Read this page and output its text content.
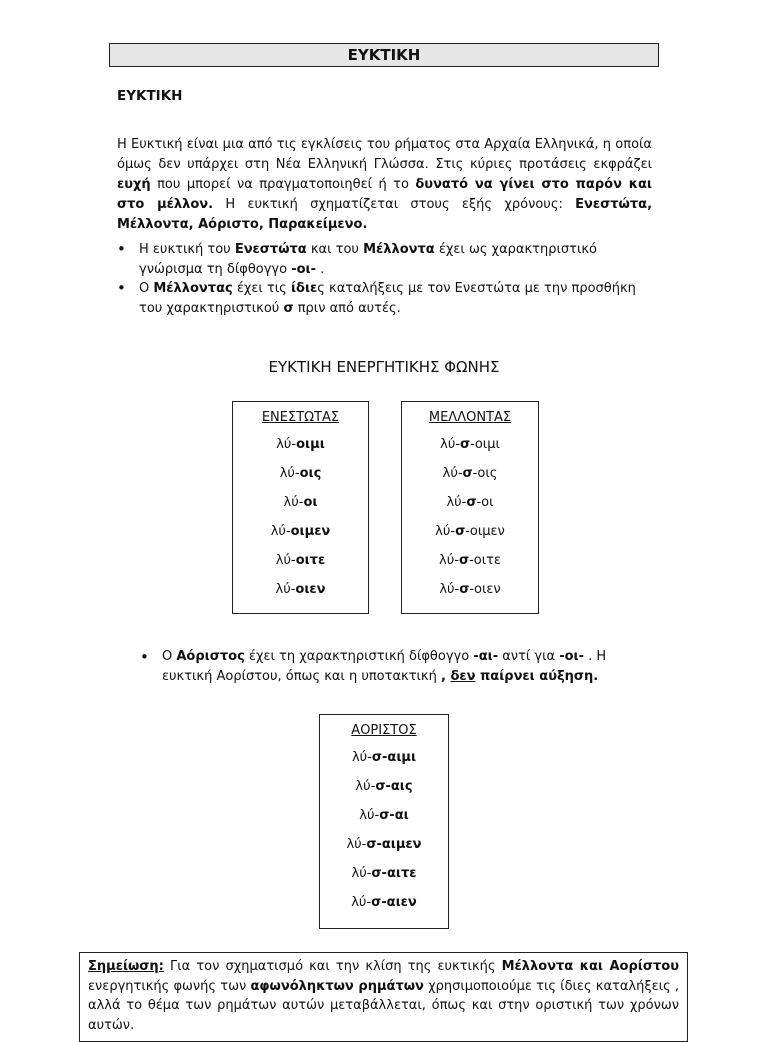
ΕΥΚΤΙΚΗ
ΕΥΚΤΙΚΗ

Η Ευκτική είναι μια από τις εγκλίσεις του ρήματος στα Αρχαία Ελληνικά, η οποία όμως δεν υπάρχει στη Νέα Ελληνική Γλώσσα. Στις κύριες προτάσεις εκφράζει ευχή που μπορεί να πραγματοποιηθεί ή το δυνατό να γίνει στο παρόν και στο μέλλον. Η ευκτική σχηματίζεται στους εξής χρόνους: Ενεστώτα, Μέλλοντα, Αόριστο, Παρακείμενο.

• Η ευκτική του Ενεστώτα και του Μέλλοντα έχει ως χαρακτηριστικό γνώρισμα τη δίφθογγο -οι- .
• Ο Μέλλοντας έχει τις ίδιες καταλήξεις με τον Ενεστώτα με την προσθήκη του χαρακτηριστικού σ πριν από αυτές.
ΕΥΚΤΙΚΗ ΕΝΕΡΓΗΤΙΚΗΣ ΦΩΝΗΣ
ΕΝΕΣΤΩΤΑΣ
λύ-οιμι
λύ-οις
λύ-οι
λύ-οιμεν
λύ-οιτε
λύ-οιεν
ΜΕΛΛΟΝΤΑΣ
λύ-σ-οιμι
λύ-σ-οις
λύ-σ-οι
λύ-σ-οιμεν
λύ-σ-οιτε
λύ-σ-οιεν
• Ο Αόριστος έχει τη χαρακτηριστική δίφθογγο -αι- αντί για -οι- . Η ευκτική Αορίστου, όπως και η υποτακτική , δεν παίρνει αύξηση.
ΑΟΡΙΣΤΟΣ
λύ-σ-αιμι
λύ-σ-αις
λύ-σ-αι
λύ-σ-αιμεν
λύ-σ-αιτε
λύ-σ-αιεν
Σημείωση: Για τον σχηματισμό και την κλίση της ευκτικής Μέλλοντα και Αορίστου ενεργητικής φωνής των αφωνόληκτων ρημάτων χρησιμοποιούμε τις ίδιες καταλήξεις , αλλά το θέμα των ρημάτων αυτών μεταβάλλεται, όπως και στην οριστική των χρόνων αυτών.
